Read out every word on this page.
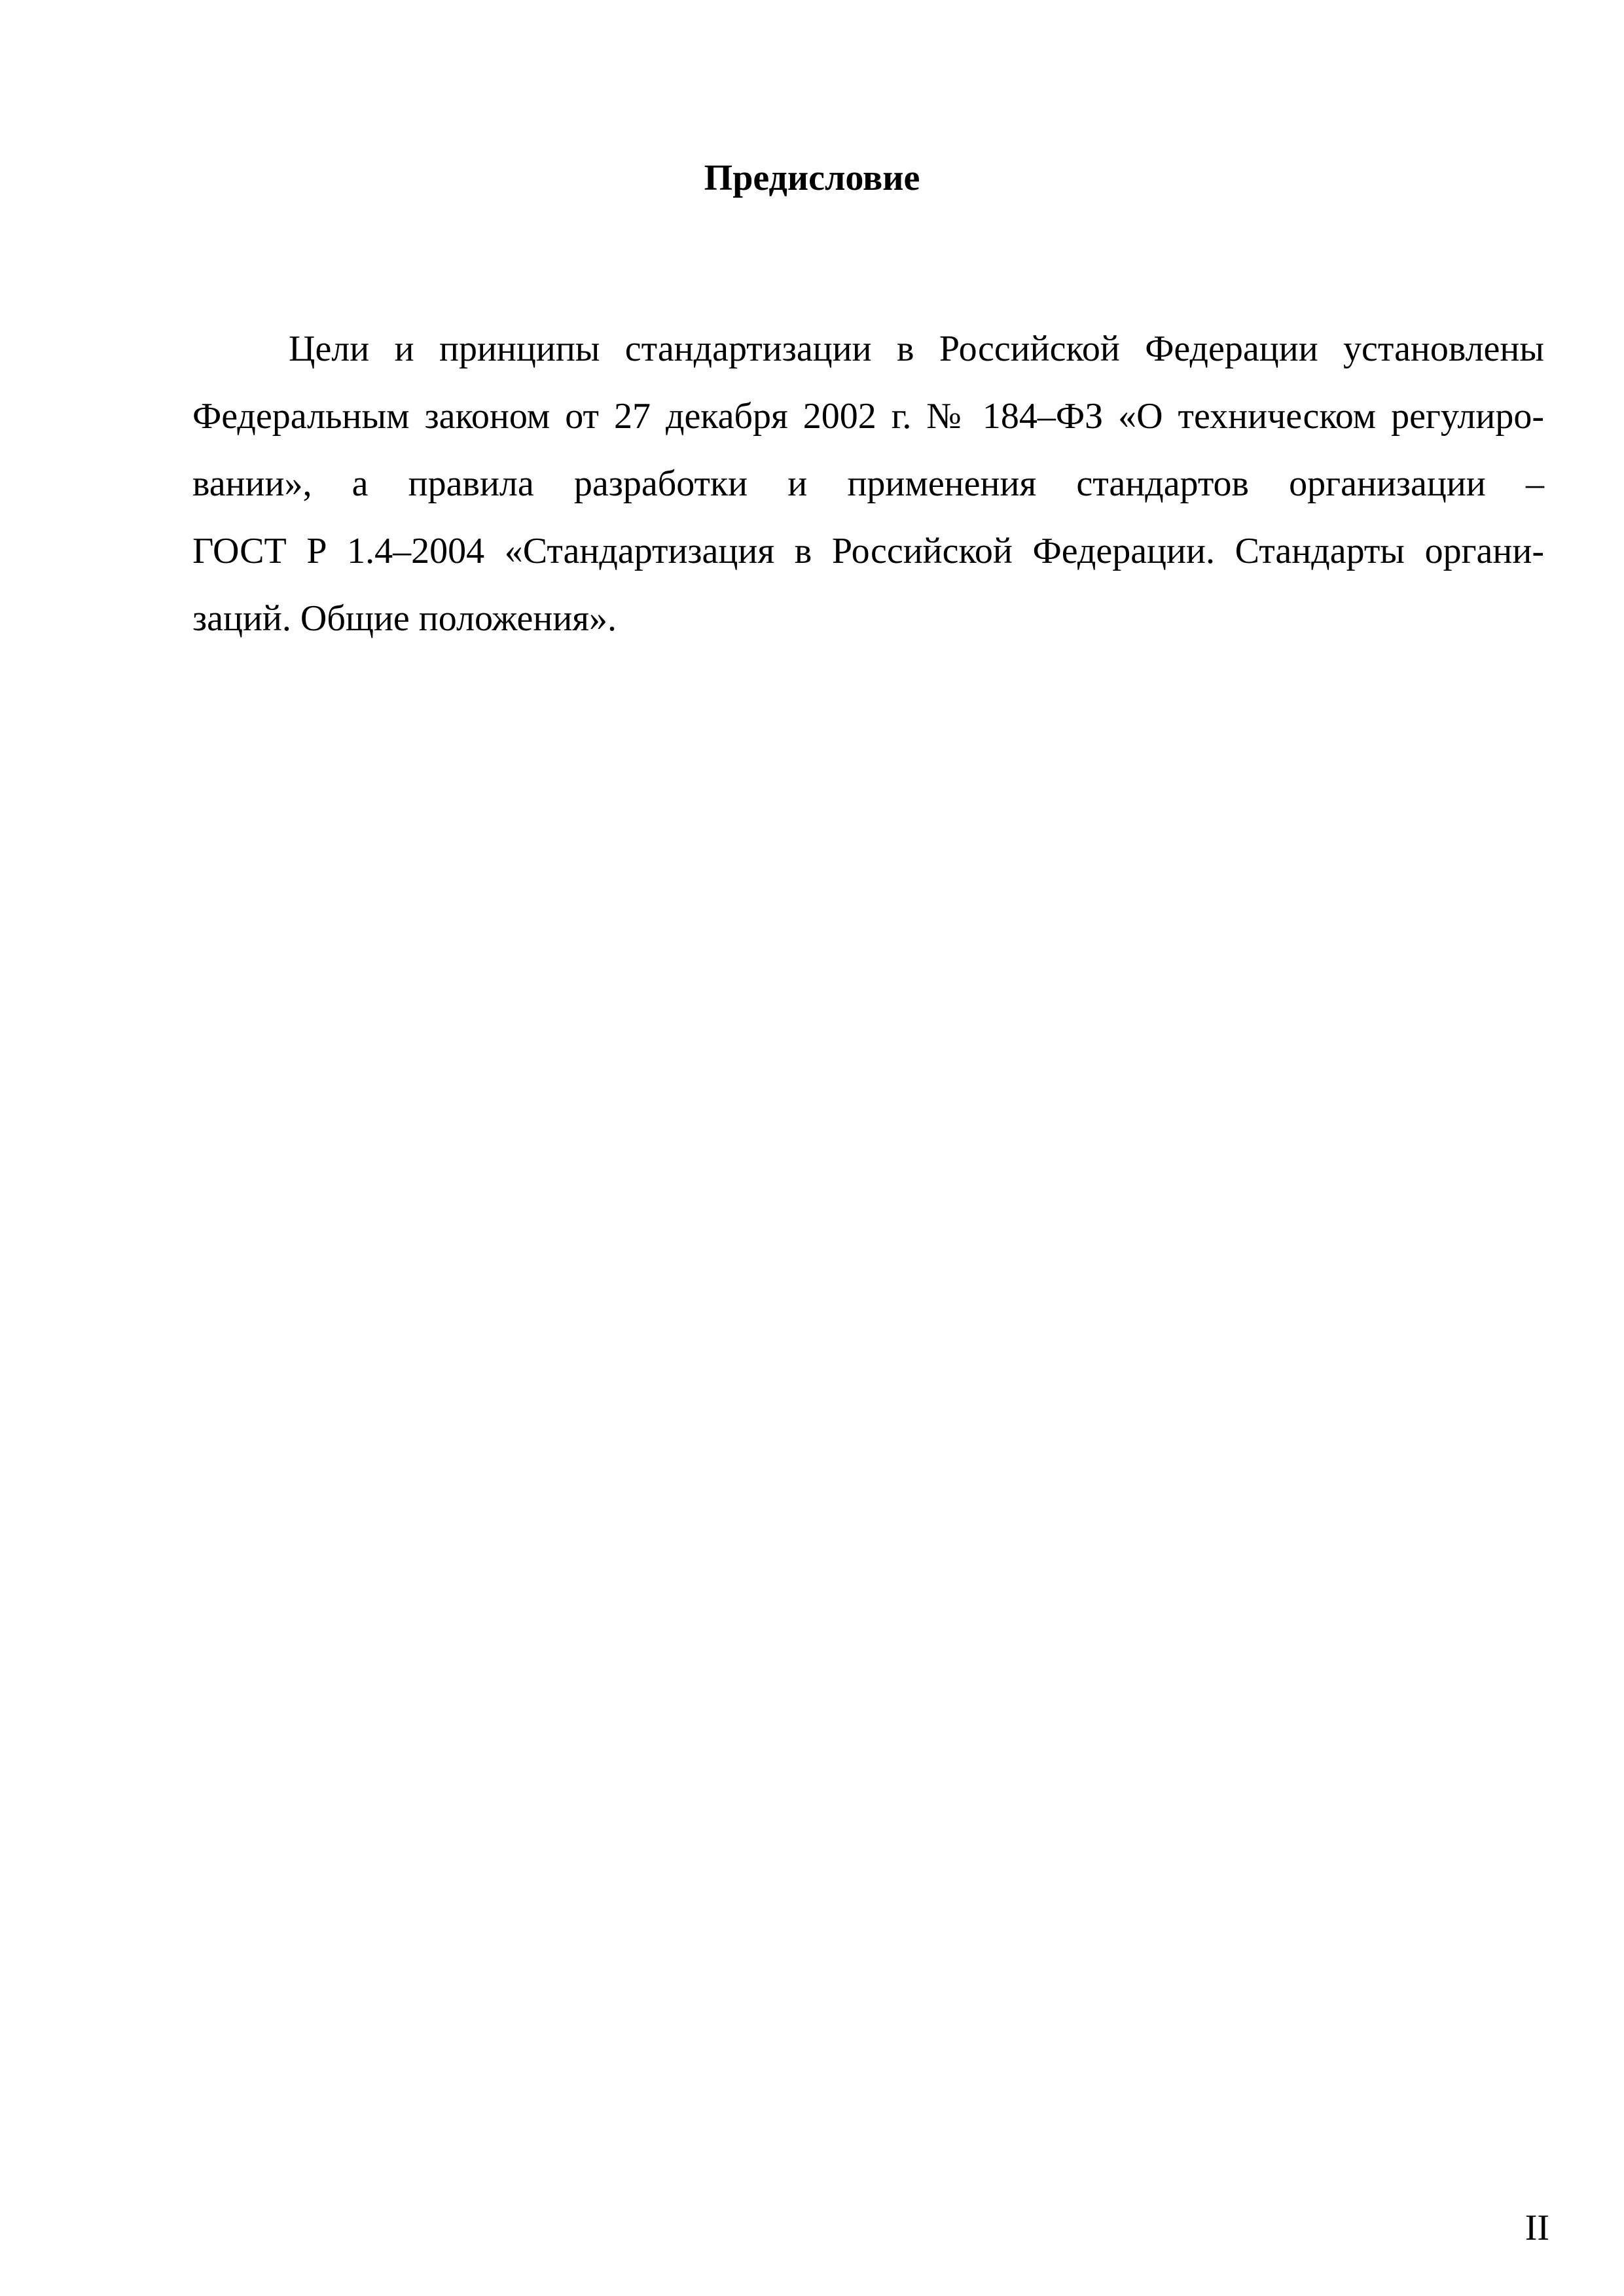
Предисловие
Цели и принципы стандартизации в Российской Федерации установлены
Федеральным законом от 27 декабря 2002 г. № 184–ФЗ «О техническом регулиро-
вании», а правила разработки и применения стандартов организации –
ГОСТ Р 1.4–2004 «Стандартизация в Российской Федерации. Стандарты органи-
заций. Общие положения».
II
